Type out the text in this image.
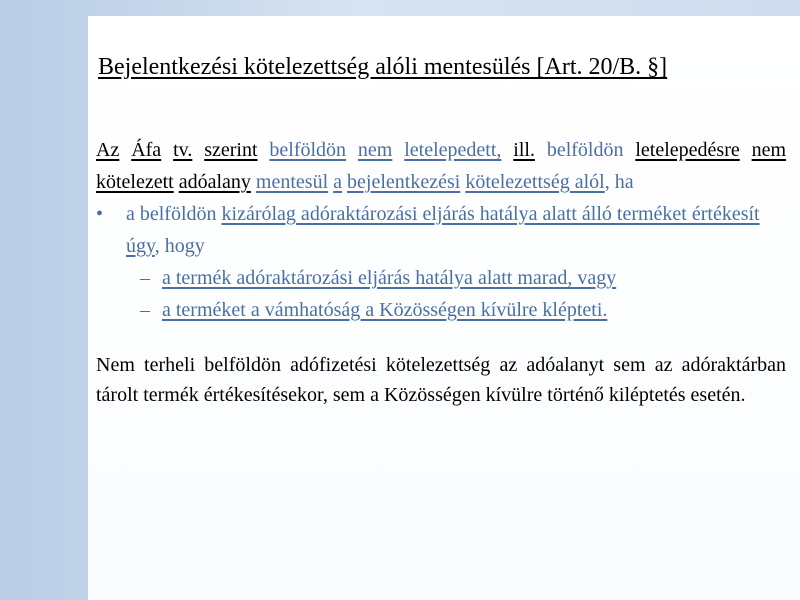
Bejelentkezési kötelezettség alóli mentesülés [Art. 20/B. §]

Az Áfa tv. szerint belföldön nem letelepedett, ill. belföldön letelepedésre nem kötelezett adóalany mentesül a bejelentkezési kötelezettség alól, ha

•	a belföldön kizárólag adóraktározási eljárás hatálya alatt álló terméket értékesít úgy, hogy

– a termék adóraktározási eljárás hatálya alatt marad, vagy

– a terméket a vámhatóság a Közösségen kívülre klépteti.

Nem terheli belföldön adófizetési kötelezettség az adóalanyt sem az adóraktárban tárolt termék értékesítésekor, sem a Közösségen kívülre történő kiléptetés esetén.
